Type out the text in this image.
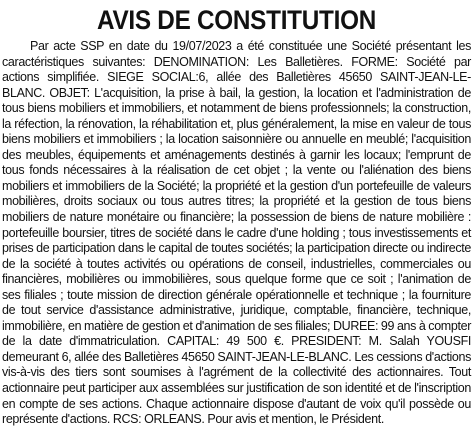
AVIS DE CONSTITUTION

Par acte SSP en date du 19/07/2023 a été constituée une Société présentant les caractéristiques suivantes: DENOMINATION: Les Balletières. FORME: Société par actions simplifiée. SIEGE SOCIAL:6, allée des Balletières 45650 SAINT-JEAN-LE-BLANC. OBJET: L'acquisition, la prise à bail, la gestion, la location et l'administration de tous biens mobiliers et immobiliers, et notamment de biens professionnels; la construction, la réfection, la rénovation, la réhabilitation et, plus généralement, la mise en valeur de tous biens mobiliers et immobiliers ; la location saisonnière ou annuelle en meublé; l'acquisition des meubles, équipements et aménagements destinés à garnir les locaux; l'emprunt de tous fonds nécessaires à la réalisation de cet objet ; la vente ou l'aliénation des biens mobiliers et immobiliers de la Société; la propriété et la gestion d'un portefeuille de valeurs mobilières, droits sociaux ou tous autres titres; la propriété et la gestion de tous biens mobiliers de nature monétaire ou financière; la possession de biens de nature mobilière : portefeuille boursier, titres de société dans le cadre d'une holding ; tous investissements et prises de participation dans le capital de toutes sociétés; la participation directe ou indirecte de la société à toutes activités ou opérations de conseil, industrielles, commerciales ou financières, mobilières ou immobilières, sous quelque forme que ce soit ; l'animation de ses filiales ; toute mission de direction générale opérationnelle et technique ; la fourniture de tout service d'assistance administrative, juridique, comptable, financière, technique, immobilière, en matière de gestion et d'animation de ses filiales; DUREE: 99 ans à compter de la date d'immatriculation. CAPITAL: 49 500 €. PRESIDENT: M. Salah YOUSFI demeurant 6, allée des Balletières 45650 SAINT-JEAN-LE-BLANC. Les cessions d'actions vis-à-vis des tiers sont soumises à l'agrément de la collectivité des actionnaires. Tout actionnaire peut participer aux assemblées sur justification de son identité et de l'inscription en compte de ses actions. Chaque actionnaire dispose d'autant de voix qu'il possède ou représente d'actions. RCS: ORLEANS. Pour avis et mention, le Président.
